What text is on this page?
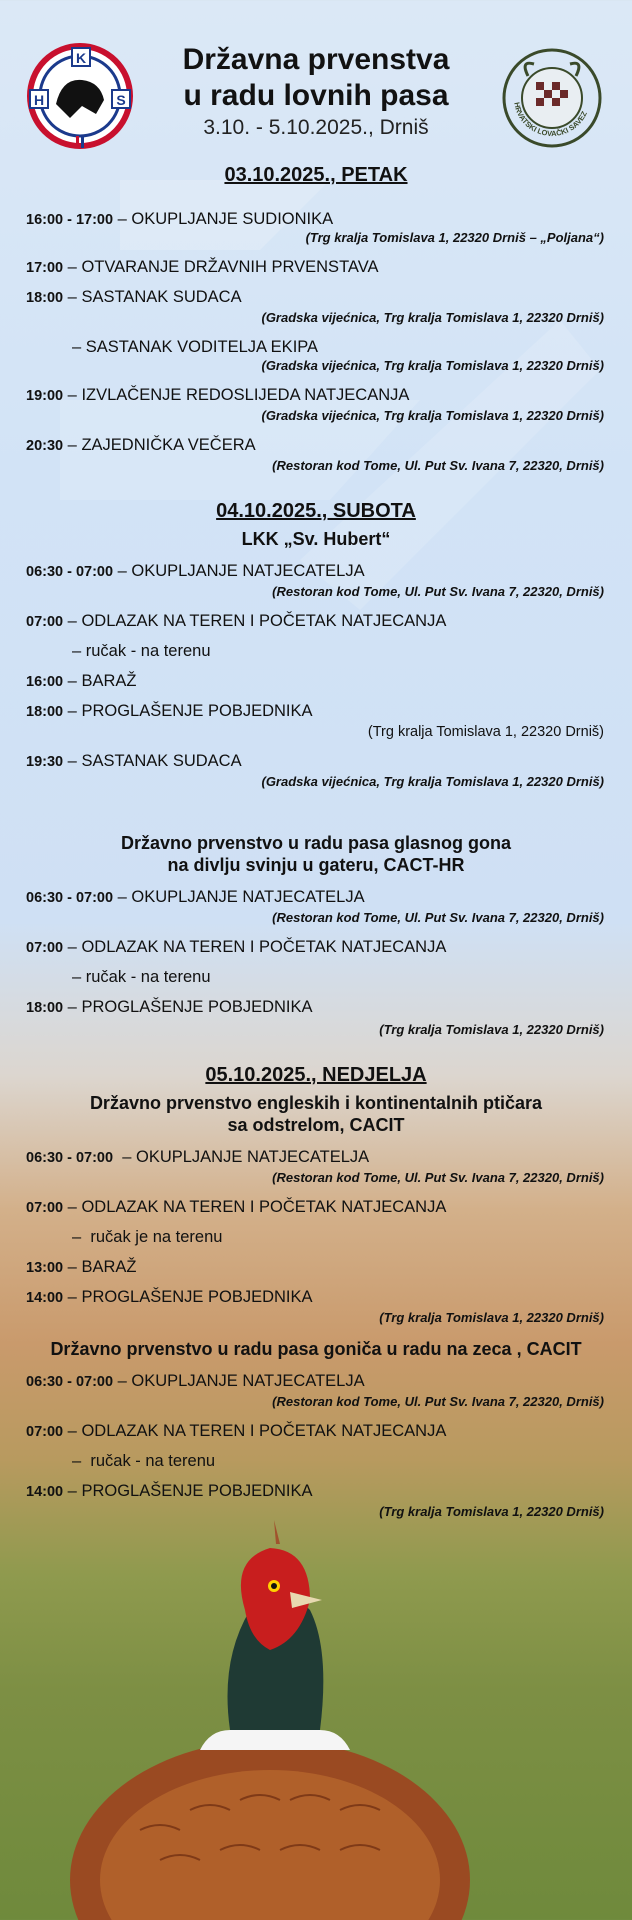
K
H	S
Državna prvenstva
u radu lovnih pasa
3.10. - 5.10.2025., Drniš
HRVATSKI LOVAČKI SAVEZ
03.10.2025., PETAK
16:00 - 17:00 – OKUPLJANJE SUDIONIKA
(Trg kralja Tomislava 1, 22320 Drniš – „Poljana“)
17:00 – OTVARANJE DRŽAVNIH PRVENSTAVA
18:00 – SASTANAK SUDACA
(Gradska vijećnica, Trg kralja Tomislava 1, 22320 Drniš)
– SASTANAK VODITELJA EKIPA
(Gradska vijećnica, Trg kralja Tomislava 1, 22320 Drniš)
19:00 – IZVLAČENJE REDOSLIJEDA NATJECANJA
(Gradska vijećnica, Trg kralja Tomislava 1, 22320 Drniš)
20:30 – ZAJEDNIČKA VEČERA
(Restoran kod Tome, Ul. Put Sv. Ivana 7, 22320, Drniš)
04.10.2025., SUBOTA
LKK „Sv. Hubert“
06:30 - 07:00 – OKUPLJANJE NATJECATELJA
(Restoran kod Tome, Ul. Put Sv. Ivana 7, 22320, Drniš)
07:00 – ODLAZAK NA TEREN I POČETAK NATJECANJA
– ručak - na terenu
16:00 – BARAŽ
18:00 – PROGLAŠENJE POBJEDNIKA
(Trg kralja Tomislava 1, 22320 Drniš)
19:30 – SASTANAK SUDACA
(Gradska vijećnica, Trg kralja Tomislava 1, 22320 Drniš)
Državno prvenstvo u radu pasa glasnog gona
na divlju svinju u gateru, CACT-HR
06:30 - 07:00 – OKUPLJANJE NATJECATELJA
(Restoran kod Tome, Ul. Put Sv. Ivana 7, 22320, Drniš)
07:00 – ODLAZAK NA TEREN I POČETAK NATJECANJA
– ručak - na terenu
18:00 – PROGLAŠENJE POBJEDNIKA
(Trg kralja Tomislava 1, 22320 Drniš)
05.10.2025., NEDJELJA
Državno prvenstvo engleskih i kontinentalnih ptičara
sa odstrelom, CACIT
06:30 - 07:00  – OKUPLJANJE NATJECATELJA
(Restoran kod Tome, Ul. Put Sv. Ivana 7, 22320, Drniš)
07:00 – ODLAZAK NA TEREN I POČETAK NATJECANJA
–  ručak je na terenu
13:00 – BARAŽ
14:00 – PROGLAŠENJE POBJEDNIKA
(Trg kralja Tomislava 1, 22320 Drniš)
Državno prvenstvo u radu pasa goniča u radu na zeca , CACIT
06:30 - 07:00 – OKUPLJANJE NATJECATELJA
(Restoran kod Tome, Ul. Put Sv. Ivana 7, 22320, Drniš)
07:00 – ODLAZAK NA TEREN I POČETAK NATJECANJA
–  ručak - na terenu
14:00 – PROGLAŠENJE POBJEDNIKA
(Trg kralja Tomislava 1, 22320 Drniš)
